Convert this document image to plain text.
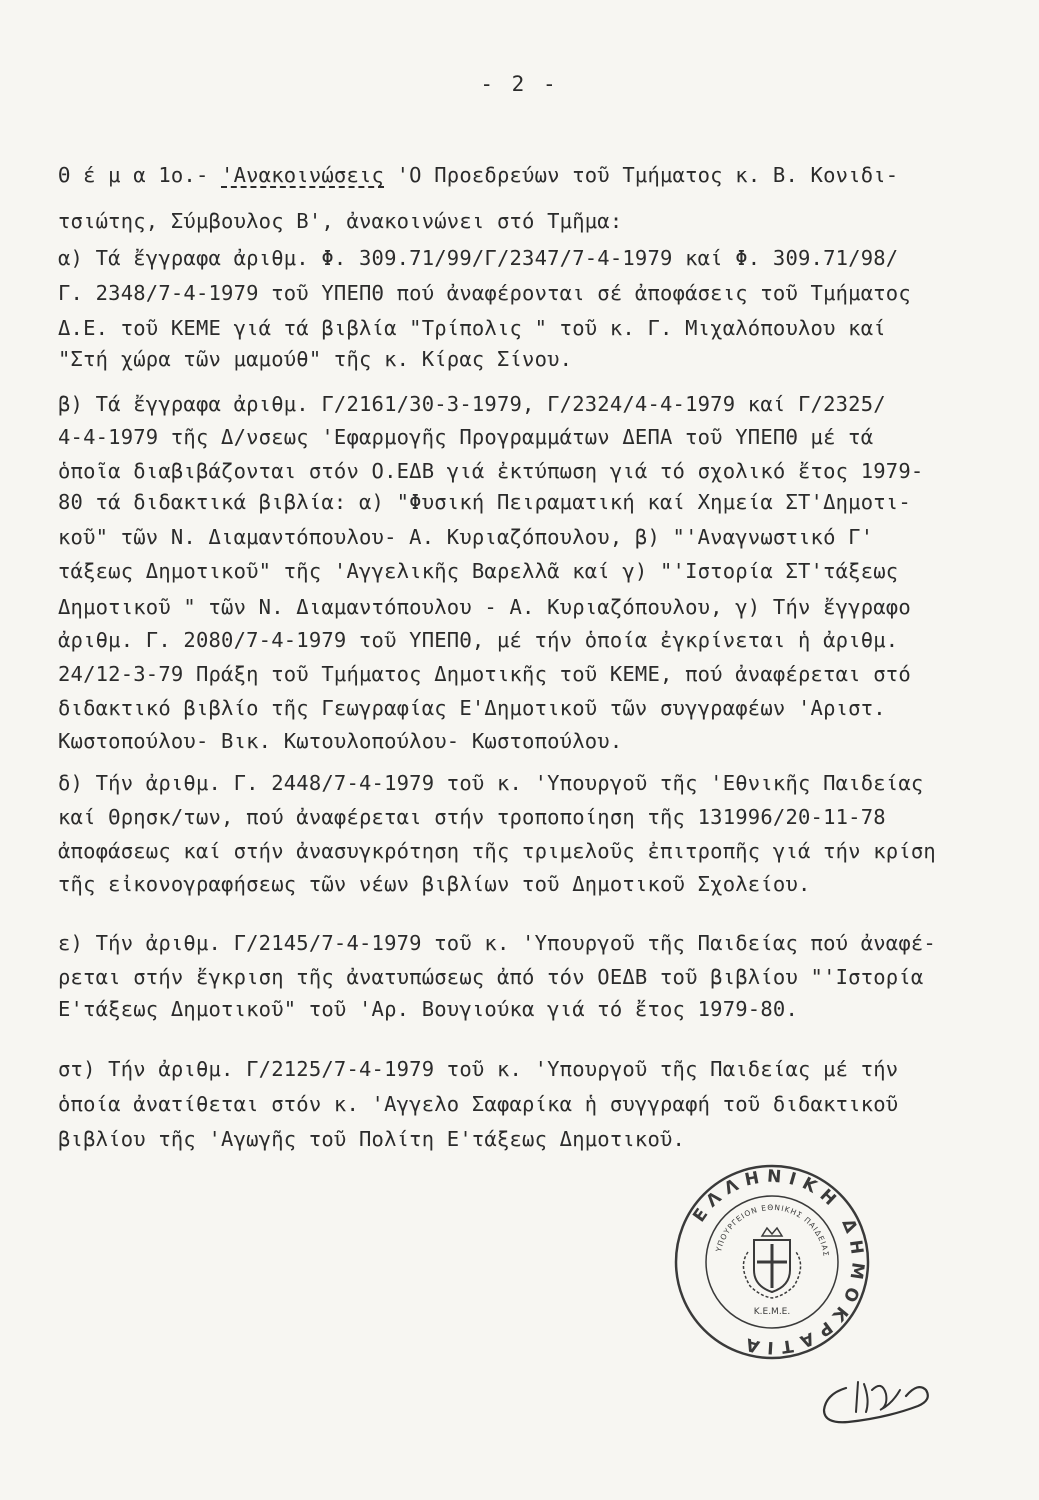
- 2 -
Θ έ μ α 1ο.- 'Ανακοινώσεις 'Ο Προεδρεύων τοῦ Τμήματος κ. Β. Κονιδι-
τσιώτης, Σύμβουλος Β', ἀνακοινώνει στό Τμῆμα:
α) Τά ἔγγραφα ἀριθμ. Φ. 309.71/99/Γ/2347/7-4-1979 καί Φ. 309.71/98/
Γ. 2348/7-4-1979 τοῦ ΥΠΕΠΘ πού ἀναφέρονται σέ ἀποφάσεις τοῦ Τμήματος
Δ.Ε. τοῦ ΚΕΜΕ γιά τά βιβλία "Τρίπολις " τοῦ κ. Γ. Μιχαλόπουλου καί
"Στή χώρα τῶν μαμούθ" τῆς κ. Κίρας Σίνου.
β) Τά ἔγγραφα ἀριθμ. Γ/2161/30-3-1979, Γ/2324/4-4-1979 καί Γ/2325/
4-4-1979 τῆς Δ/νσεως 'Εφαρμογῆς Προγραμμάτων ΔΕΠΑ τοῦ ΥΠΕΠΘ μέ τά
ὁποῖα διαβιβάζονται στόν Ο.ΕΔΒ γιά ἐκτύπωση γιά τό σχολικό ἔτος 1979-
80 τά διδακτικά βιβλία: α) "Φυσική Πειραματική καί Χημεία ΣΤ'Δημοτι-
κοῦ" τῶν Ν. Διαμαντόπουλου- Α. Κυριαζόπουλου, β) "'Αναγνωστικό Γ'
τάξεως Δημοτικοῦ" τῆς 'Αγγελικῆς Βαρελλᾶ καί γ) "'Ιστορία ΣΤ'τάξεως
Δημοτικοῦ " τῶν Ν. Διαμαντόπουλου - Α. Κυριαζόπουλου, γ) Τήν ἔγγραφο
ἀριθμ. Γ. 2080/7-4-1979 τοῦ ΥΠΕΠΘ, μέ τήν ὁποία ἐγκρίνεται ἡ ἀριθμ.
24/12-3-79 Πράξη τοῦ Τμήματος Δημοτικῆς τοῦ ΚΕΜΕ, πού ἀναφέρεται στό
διδακτικό βιβλίο τῆς Γεωγραφίας Ε'Δημοτικοῦ τῶν συγγραφέων 'Αριστ.
Κωστοπούλου- Βικ. Κωτουλοπούλου- Κωστοπούλου.
δ) Τήν ἀριθμ. Γ. 2448/7-4-1979 τοῦ κ. 'Υπουργοῦ τῆς 'Εθνικῆς Παιδείας
καί Θρησκ/των, πού ἀναφέρεται στήν τροποποίηση τῆς 131996/20-11-78
ἀποφάσεως καί στήν ἀνασυγκρότηση τῆς τριμελοῦς ἐπιτροπῆς γιά τήν κρίση
τῆς εἰκονογραφήσεως τῶν νέων βιβλίων τοῦ Δημοτικοῦ Σχολείου.
ε) Τήν ἀριθμ. Γ/2145/7-4-1979 τοῦ κ. 'Υπουργοῦ τῆς Παιδείας πού ἀναφέ-
ρεται στήν ἔγκριση τῆς ἀνατυπώσεως ἀπό τόν ΟΕΔΒ τοῦ βιβλίου "'Ιστορία
Ε'τάξεως Δημοτικοῦ" τοῦ 'Αρ. Βουγιούκα γιά τό ἔτος 1979-80.
στ) Τήν ἀριθμ. Γ/2125/7-4-1979 τοῦ κ. 'Υπουργοῦ τῆς Παιδείας μέ τήν
ὁποία ἀνατίθεται στόν κ. 'Αγγελο Σαφαρίκα ἡ συγγραφή τοῦ διδακτικοῦ
βιβλίου τῆς 'Αγωγῆς τοῦ Πολίτη Ε'τάξεως Δημοτικοῦ.
ΕΛΛΗΝΙΚΗ ΔΗΜΟΚΡΑΤΙΑ
ΥΠΟΥΡΓΕΙΟΝ ΕΘΝΙΚΗΣ ΠΑΙΔΕΙΑΣ
Κ.Ε.Μ.Ε.
